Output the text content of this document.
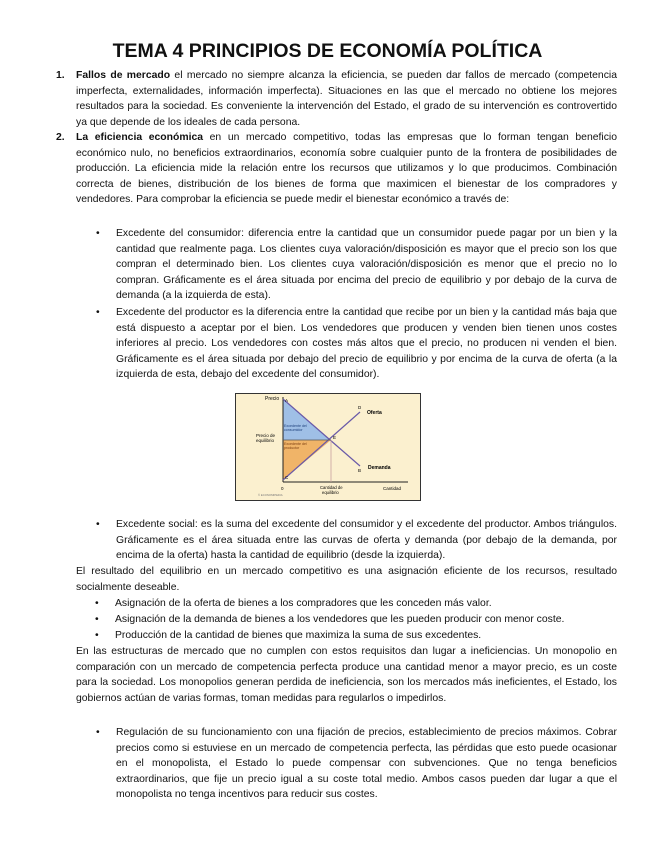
TEMA 4 PRINCIPIOS DE ECONOMÍA POLÍTICA
1. Fallos de mercado el mercado no siempre alcanza la eficiencia, se pueden dar fallos de mercado (competencia imperfecta, externalidades, información imperfecta). Situaciones en las que el mercado no obtiene los mejores resultados para la sociedad. Es conveniente la intervención del Estado, el grado de su intervención es controvertido ya que depende de los ideales de cada persona.

2. La eficiencia económica en un mercado competitivo, todas las empresas que lo forman tengan beneficio económico nulo, no beneficios extraordinarios, economía sobre cualquier punto de la frontera de posibilidades de producción. La eficiencia mide la relación entre los recursos que utilizamos y lo que producimos. Combinación correcta de bienes, distribución de los bienes de forma que maximicen el bienestar de los compradores y vendedores. Para comprobar la eficiencia se puede medir el bienestar económico a través de:

• Excedente del consumidor: diferencia entre la cantidad que un consumidor puede pagar por un bien y la cantidad que realmente paga. Los clientes cuya valoración/disposición es mayor que el precio son los que compran el determinado bien. Los clientes cuya valoración/disposición es menor que el precio no lo compran. Gráficamente es el área situada por encima del precio de equilibrio y por debajo de la curva de demanda (a la izquierda de esta).

• Excedente del productor es la diferencia entre la cantidad que recibe por un bien y la cantidad más baja que está dispuesto a aceptar por el bien. Los vendedores que producen y venden bien tienen unos costes inferiores al precio. Los vendedores con costes más altos que el precio, no producen ni venden el bien. Gráficamente es el área situada por debajo del precio de equilibrio y por encima de la curva de oferta (a la izquierda de esta, debajo del excedente del consumidor).

Precio A
Precio de
equilibrio
Excedente del
consumidor
Excedente del
productor
E
D
Oferta
B Demanda
C
0	Cantidad de
equilibrio
Cantidad
© ECONOMIPEDIA
• Excedente social: es la suma del excedente del consumidor y el excedente del productor. Ambos triángulos. Gráficamente es el área situada entre las curvas de oferta y demanda (por debajo de la demanda, por encima de la oferta) hasta la cantidad de equilibrio (desde la izquierda).

El resultado del equilibrio en un mercado competitivo es una asignación eficiente de los recursos, resultado socialmente deseable.

• Asignación de la oferta de bienes a los compradores que les conceden más valor.

• Asignación de la demanda de bienes a los vendedores que les pueden producir con menor coste.

• Producción de la cantidad de bienes que maximiza la suma de sus excedentes.

En las estructuras de mercado que no cumplen con estos requisitos dan lugar a ineficiencias. Un monopolio en comparación con un mercado de competencia perfecta produce una cantidad menor a mayor precio, es un coste para la sociedad. Los monopolios generan perdida de ineficiencia, son los mercados más ineficientes, el Estado, los gobiernos actúan de varias formas, toman medidas para regularlos o impedirlos.

• Regulación de su funcionamiento con una fijación de precios, establecimiento de precios máximos. Cobrar precios como si estuviese en un mercado de competencia perfecta, las pérdidas que esto puede ocasionar en el monopolista, el Estado lo puede compensar con subvenciones. Que no tenga beneficios extraordinarios, que fije un precio igual a su coste total medio. Ambos casos pueden dar lugar a que el monopolista no tenga incentivos para reducir sus costes.
